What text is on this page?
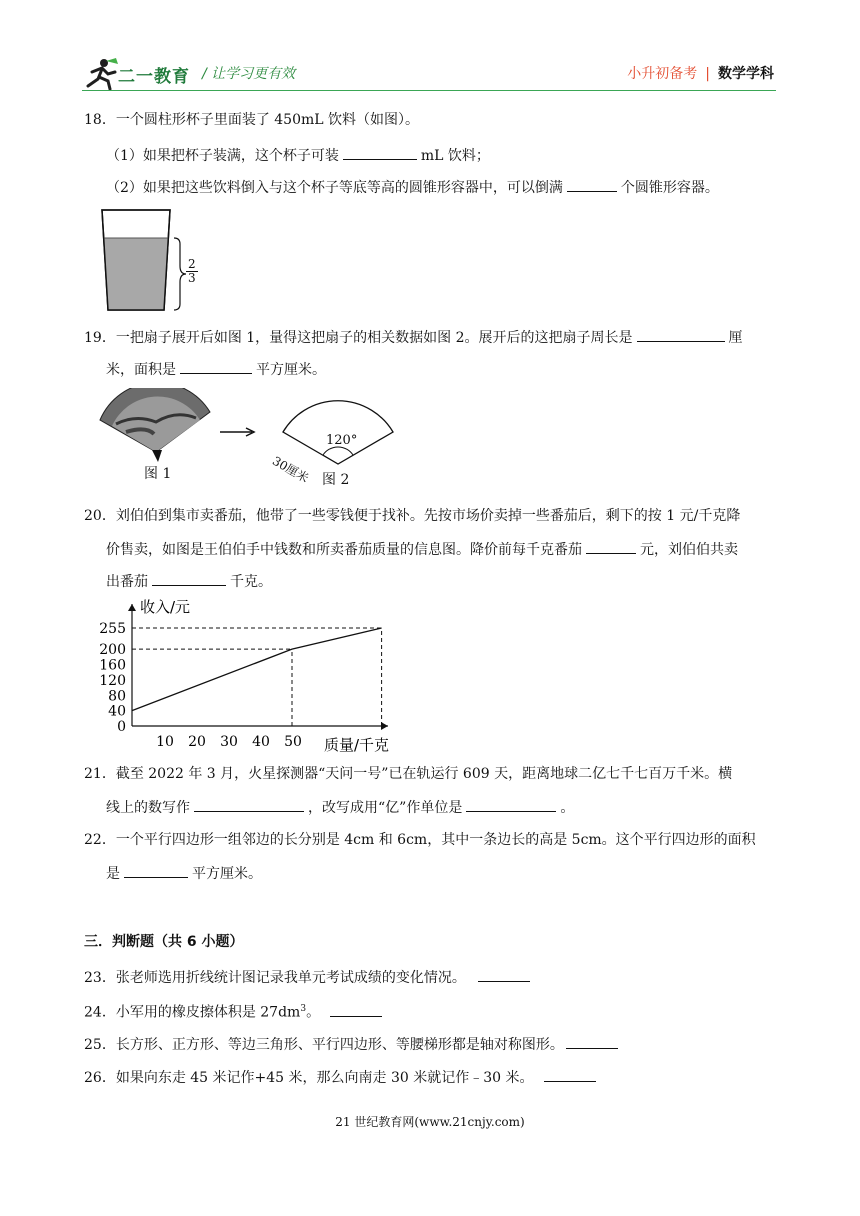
二一教育 / 让学习更有效	小升初备考 | 数学学科
18．一个圆柱形杯子里面装了 450mL 饮料（如图）。
（1）如果把杯子装满，这个杯子可装	mL 饮料；
（2）如果把这些饮料倒入与这个杯子等底等高的圆锥形容器中，可以倒满	个圆锥形容器。
$\frac{2}{3}$
19．一把扇子展开后如图 1，量得这把扇子的相关数据如图 2。展开后的这把扇子周长是	厘
米，面积是	平方厘米。
图 1	图 2
120°
30厘米
20．刘伯伯到集市卖番茄，他带了一些零钱便于找补。先按市场价卖掉一些番茄后，剩下的按 1 元/千克降
价售卖，如图是王伯伯手中钱数和所卖番茄质量的信息图。降价前每千克番茄	元，刘伯伯共卖
出番茄	千克。
0
40
80
120
160
200
255
10 20 30 40 50
收入/元
质量/千克
21．截至 2022 年 3 月，火星探测器“天问一号”已在轨运行 609 天，距离地球二亿七千七百万千米。横
线上的数写作	，改写成用“亿”作单位是	。
22．一个平行四边形一组邻边的长分别是 4cm 和 6cm，其中一条边长的高是 5cm。这个平行四边形的面积
是	平方厘米。
三．判断题（共 6 小题）
23．张老师选用折线统计图记录我单元考试成绩的变化情况。
24．小军用的橡皮擦体积是 $27dm^3$。
25．长方形、正方形、等边三角形、平行四边形、等腰梯形都是轴对称图形。
26．如果向东走 45 米记作+45 米，那么向南走 30 米就记作﹣30 米。
21 世纪教育网(www.21cnjy.com)
